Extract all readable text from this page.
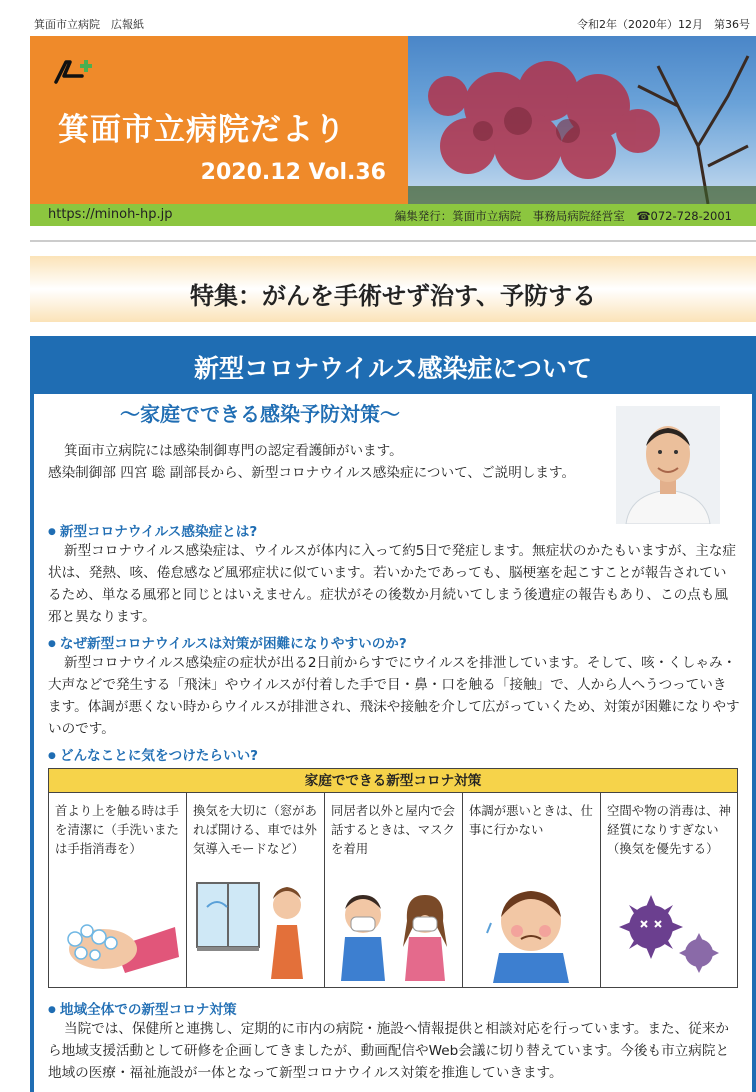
箕面市立病院　広報紙	令和2年（2020年）12月　第36号
箕面市立病院だより
2020.12 Vol.36
https://minoh-hp.jp	編集発行：箕面市立病院　事務局病院経営室　☎072-728-2001
特集：がんを手術せず治す、予防する
新型コロナウイルス感染症について
～家庭でできる感染予防対策～
箕面市立病院には感染制御専門の認定看護師がいます。
感染制御部 四宮 聡 副部長から、新型コロナウイルス感染症について、ご説明します。
● 新型コロナウイルス感染症とは?
新型コロナウイルス感染症は、ウイルスが体内に入って約5日で発症します。無症状のかたもいますが、主な症状は、発熱、咳、倦怠感など風邪症状に似ています。若いかたであっても、脳梗塞を起こすことが報告されているため、単なる風邪と同じとはいえません。症状がその後数か月続いてしまう後遺症の報告もあり、この点も風邪と異なります。
● なぜ新型コロナウイルスは対策が困難になりやすいのか?
新型コロナウイルス感染症の症状が出る2日前からすでにウイルスを排泄しています。そして、咳・くしゃみ・大声などで発生する「飛沫」やウイルスが付着した手で目・鼻・口を触る「接触」で、人から人へうつっていきます。体調が悪くない時からウイルスが排泄され、飛沫や接触を介して広がっていくため、対策が困難になりやすいのです。
● どんなことに気をつけたらいい?
家庭でできる新型コロナ対策
首より上を触る時は手を清潔に（手洗いまたは手指消毒を）
換気を大切に（窓があれば開ける、車では外気導入モードなど）
同居者以外と屋内で会話するときは、マスクを着用
体調が悪いときは、仕事に行かない
空間や物の消毒は、神経質になりすぎない（換気を優先する）
● 地域全体での新型コロナ対策
当院では、保健所と連携し、定期的に市内の病院・施設へ情報提供と相談対応を行っています。また、従来から地域支援活動として研修を企画してきましたが、動画配信やWeb会議に切り替えています。今後も市立病院と地域の医療・福祉施設が一体となって新型コロナウイルス対策を推進していきます。
